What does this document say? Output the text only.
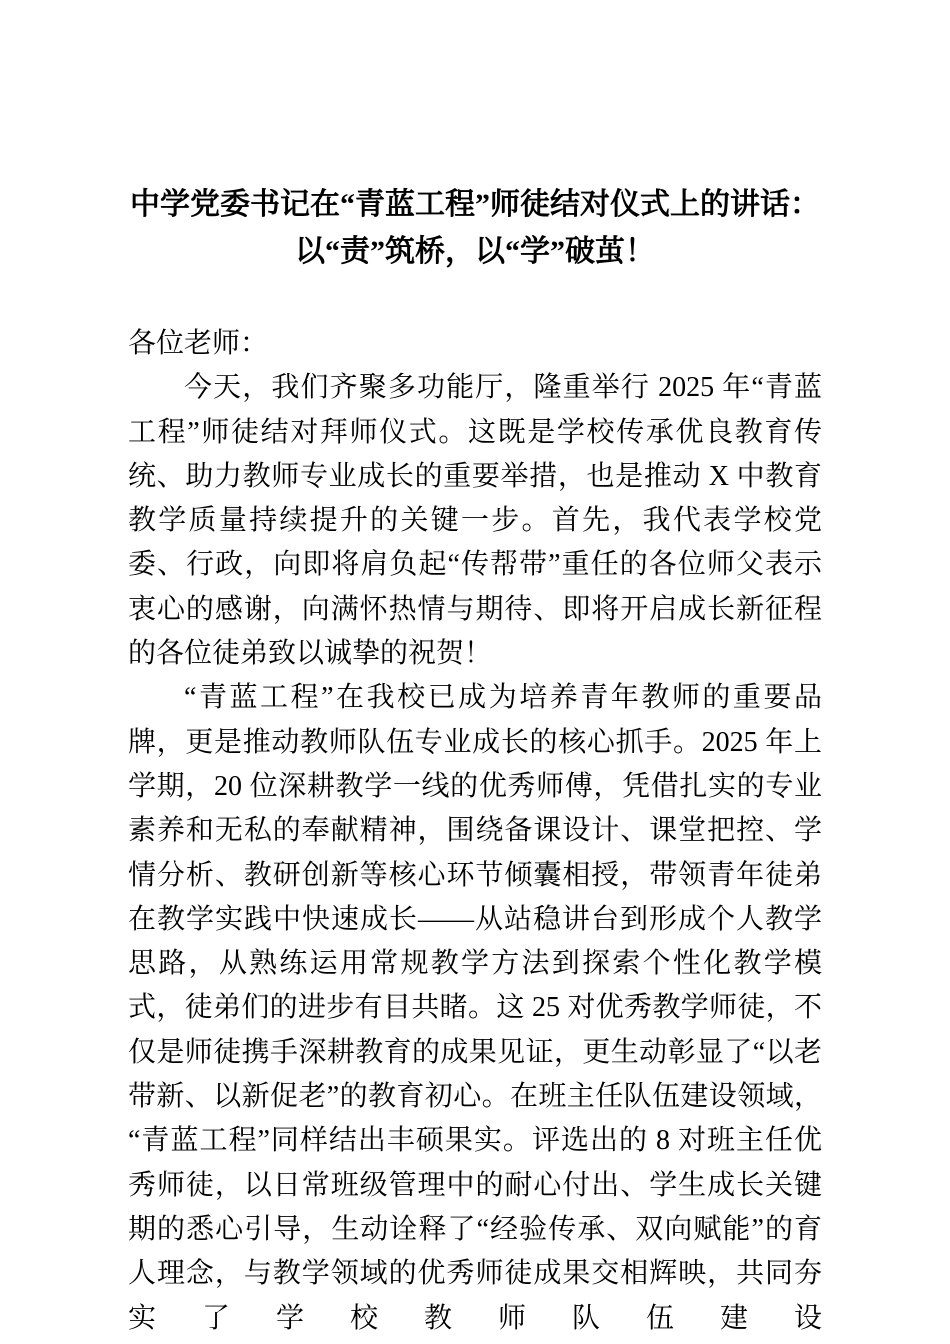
中学党委书记在“青蓝工程”师徒结对仪式上的讲话：
以“责”筑桥，以“学”破茧！

各位老师：

今天，我们齐聚多功能厅，隆重举行 2025 年“青蓝工程”师徒结对拜师仪式。这既是学校传承优良教育传统、助力教师专业成长的重要举措，也是推动 X 中教育教学质量持续提升的关键一步。首先，我代表学校党委、行政，向即将肩负起“传帮带”重任的各位师父表示衷心的感谢，向满怀热情与期待、即将开启成长新征程的各位徒弟致以诚挚的祝贺！

“青蓝工程”在我校已成为培养青年教师的重要品牌，更是推动教师队伍专业成长的核心抓手。2025 年上学期，20 位深耕教学一线的优秀师傅，凭借扎实的专业素养和无私的奉献精神，围绕备课设计、课堂把控、学情分析、教研创新等核心环节倾囊相授，带领青年徒弟在教学实践中快速成长——从站稳讲台到形成个人教学思路，从熟练运用常规教学方法到探索个性化教学模式，徒弟们的进步有目共睹。这 25 对优秀教学师徒，不仅是师徒携手深耕教育的成果见证，更生动彰显了“以老带新、以新促老”的教育初心。在班主任队伍建设领域，“青蓝工程”同样结出丰硕果实。评选出的 8 对班主任优秀师徒，以日常班级管理中的耐心付出、学生成长关键期的悉心引导，生动诠释了“经验传承、双向赋能”的育人理念，与教学领域的优秀师徒成果交相辉映，共同夯实了学校教师队伍建设
